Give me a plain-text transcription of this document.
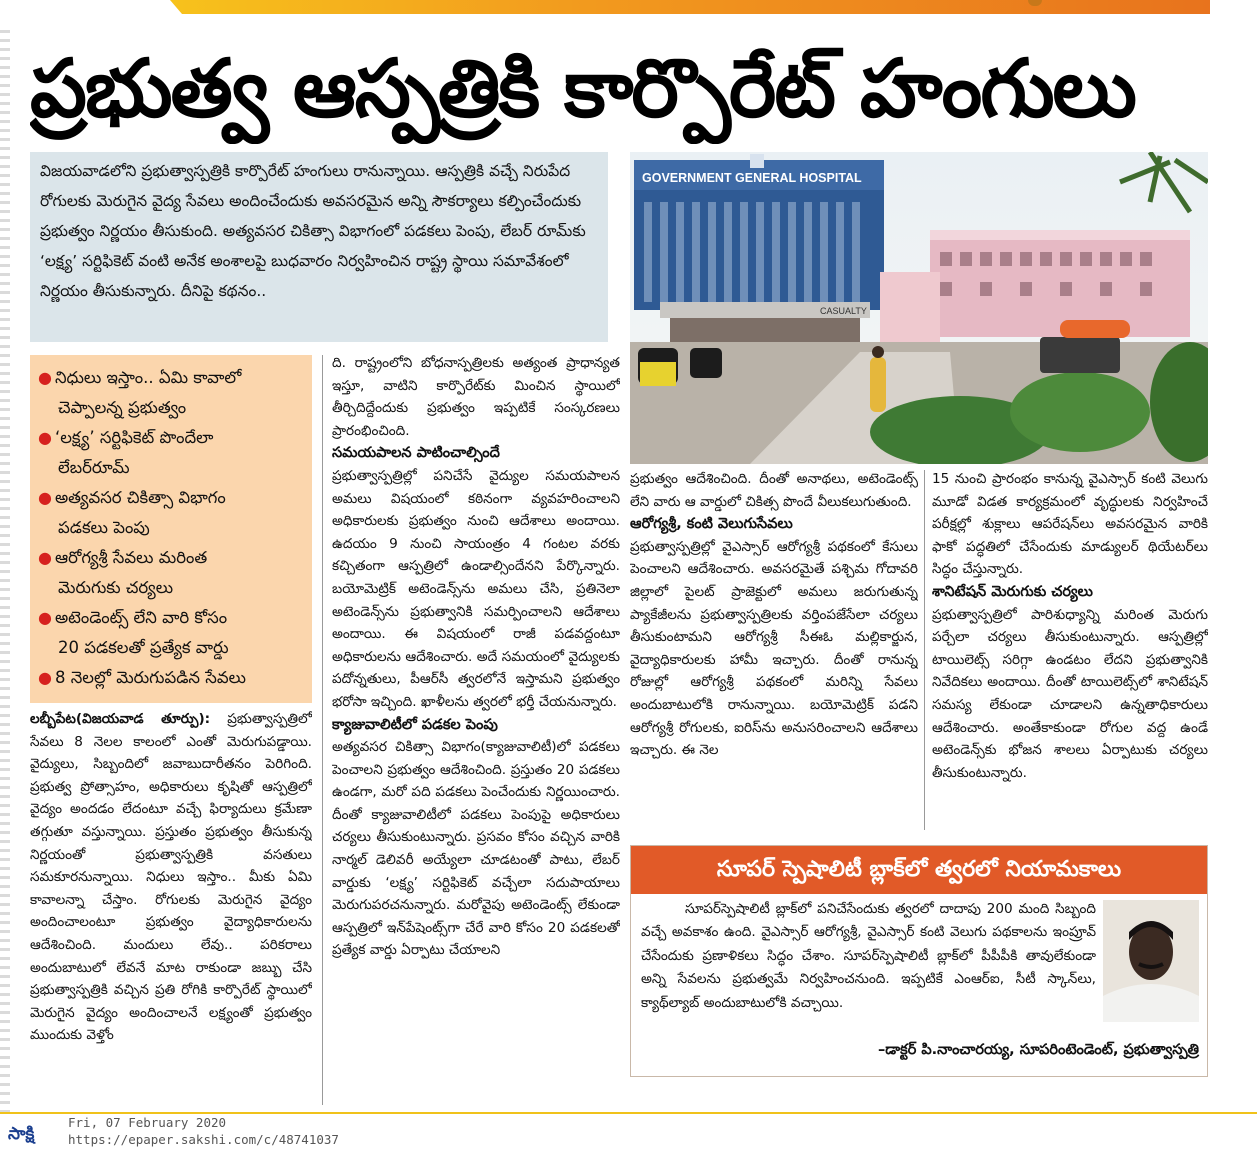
ప్రభుత్వ ఆస్పత్రికి కార్పొరేట్ హంగులు
విజయవాడలోని ప్రభుత్వాస్పత్రికి కార్పొరేట్ హంగులు రానున్నాయి. ఆస్పత్రికి వచ్చే నిరుపేద రోగులకు మెరుగైన వైద్య సేవలు అందించేందుకు అవసరమైన అన్ని సౌకర్యాలు కల్పించేందుకు ప్రభుత్వం నిర్ణయం తీసుకుంది. అత్యవసర చికిత్సా విభాగంలో పడకలు పెంపు, లేబర్ రూమ్‌కు ‘లక్ష్య’ సర్టిఫికెట్ వంటి అనేక అంశాలపై బుధవారం నిర్వహించిన రాష్ట్ర స్థాయి సమావేశంలో నిర్ణయం తీసుకున్నారు. దీనిపై కథనం..
GOVERNMENT GENERAL HOSPITAL
CASUALTY
● నిధులు ఇస్తాం.. ఏమి కావాలో
చెప్పాలన్న ప్రభుత్వం
● ‘లక్ష్య’ సర్టిఫికెట్ పొందేలా
లేబర్‌రూమ్
● అత్యవసర చికిత్సా విభాగం
పడకలు పెంపు
● ఆరోగ్యశ్రీ సేవలు మరింత
మెరుగుకు చర్యలు
● అటెండెంట్స్ లేని వారి కోసం
20 పడకలతో ప్రత్యేక వార్డు
● 8 నెలల్లో మెరుగుపడిన సేవలు

లబ్బీపేట(విజయవాడ తూర్పు): ప్రభుత్వాస్పత్రిలో సేవలు 8 నెలల కాలంలో ఎంతో మెరుగుపడ్డాయి. వైద్యులు, సిబ్బందిలో జవాబుదారీతనం పెరిగింది. ప్రభుత్వ ప్రోత్సాహం, అధికారులు కృషితో ఆస్పత్రిలో వైద్యం అందడం లేదంటూ వచ్చే ఫిర్యాదులు క్రమేణా తగ్గుతూ వస్తున్నాయి. ప్రస్తుతం ప్రభుత్వం తీసుకున్న నిర్ణయంతో ప్రభుత్వాస్పత్రికి వసతులు సమకూరనున్నాయి. నిధులు ఇస్తాం.. మీకు ఏమి కావాలన్నా చేస్తాం. రోగులకు మెరుగైన వైద్యం అందించాలంటూ ప్రభుత్వం వైద్యాధికారులను ఆదేశించింది. మందులు లేవు.. పరికరాలు అందుబాటులో లేవనే మాట రాకుండా జబ్బు చేసి ప్రభుత్వాస్పత్రికి వచ్చిన ప్రతి రోగికి కార్పొరేట్ స్థాయిలో మెరుగైన వైద్యం అందించాలనే లక్ష్యంతో ప్రభుత్వం ముందుకు వెళ్తోం

ది. రాష్ట్రంలోని బోధనాస్పత్రిలకు అత్యంత ప్రాధాన్యత ఇస్తూ, వాటిని కార్పొరేట్‌కు మించిన స్థాయిలో తీర్చిదిద్దేందుకు ప్రభుత్వం ఇప్పటికే సంస్కరణలు ప్రారంభించింది.

సమయపాలన పాటించాల్సిందే

ప్రభుత్వాస్పత్రిల్లో పనిచేసే వైద్యుల సమయపాలన అమలు విషయంలో కఠినంగా వ్యవహరించాలని అధికారులకు ప్రభుత్వం నుంచి ఆదేశాలు అందాయి. ఉదయం 9 నుంచి సాయంత్రం 4 గంటల వరకు కచ్చితంగా ఆస్పత్రిలో ఉండాల్సిందేనని పేర్కొన్నారు. బయోమెట్రిక్ అటెండెన్స్‌ను అమలు చేసి, ప్రతినెలా అటెండెన్స్‌ను ప్రభుత్వానికి సమర్పించాలని ఆదేశాలు అందాయి. ఈ విషయంలో రాజీ పడవద్దంటూ అధికారులను ఆదేశించారు. అదే సమయంలో వైద్యులకు పదోన్నతులు, పీఆర్‌సీ త్వరలోనే ఇస్తామని ప్రభుత్వం భరోసా ఇచ్చింది. ఖాళీలను త్వరలో భర్తీ చేయనున్నారు.

క్యాజువాలిటీలో పడకల పెంపు

అత్యవసర చికిత్సా విభాగం(క్యాజువాలిటీ)లో పడకలు పెంచాలని ప్రభుత్వం ఆదేశించింది. ప్రస్తుతం 20 పడకలు ఉండగా, మరో పది పడకలు పెంచేందుకు నిర్ణయించారు. దీంతో క్యాజువాలిటీలో పడకలు పెంపుపై అధికారులు చర్యలు తీసుకుంటున్నారు. ప్రసవం కోసం వచ్చిన వారికి నార్మల్ డెలివరీ అయ్యేలా చూడటంతో పాటు, లేబర్ వార్డుకు ‘లక్ష్య’ సర్టిఫికెట్ వచ్చేలా సదుపాయాలు మెరుగుపరచనున్నారు. మరోవైపు అటెండెంట్స్ లేకుండా ఆస్పత్రిలో ఇన్‌పేషెంట్స్‌గా చేరే వారి కోసం 20 పడకలతో ప్రత్యేక వార్డు ఏర్పాటు చేయాలని

ప్రభుత్వం ఆదేశించింది. దీంతో అనాథలు, అటెండెంట్స్ లేని వారు ఆ వార్డులో చికిత్స పొందే వీలుకలుగుతుంది.

ఆరోగ్యశ్రీ, కంటి వెలుగుసేవలు

ప్రభుత్వాస్పత్రిల్లో వైఎస్సార్ ఆరోగ్యశ్రీ పథకంలో కేసులు పెంచాలని ఆదేశించారు. అవసరమైతే పశ్చిమ గోదావరి జిల్లాలో పైలట్ ప్రాజెక్టులో అమలు జరుగుతున్న ప్యాకేజీలను ప్రభుత్వాస్పత్రిలకు వర్తింపజేసేలా చర్యలు తీసుకుంటామని ఆరోగ్యశ్రీ సీఈఓ మల్లికార్జున, వైద్యాధికారులకు హామీ ఇచ్చారు. దీంతో రానున్న రోజుల్లో ఆరోగ్యశ్రీ పథకంలో మరిన్ని సేవలు అందుబాటులోకి రానున్నాయి. బయోమెట్రిక్ పడని ఆరోగ్యశ్రీ రోగులకు, ఐరిస్‌ను అనుసరించాలని ఆదేశాలు ఇచ్చారు. ఈ నెల

15 నుంచి ప్రారంభం కానున్న వైఎస్సార్ కంటి వెలుగు మూడో విడత కార్యక్రమంలో వృద్ధులకు నిర్వహించే పరీక్షల్లో శుక్లాలు ఆపరేషన్‌లు అవసరమైన వారికి ఫాకో పద్ధతిలో చేసేందుకు మాడ్యులర్ థియేటర్‌లు సిద్ధం చేస్తున్నారు.

శానిటేషన్ మెరుగుకు చర్యలు

ప్రభుత్వాస్పత్రిలో పారిశుధ్యాన్ని మరింత మెరుగు పర్చేలా చర్యలు తీసుకుంటున్నారు. ఆస్పత్రిల్లో టాయిలెట్స్ సరిగ్గా ఉండటం లేదని ప్రభుత్వానికి నివేదికలు అందాయి. దీంతో టాయిలెట్స్‌లో శానిటేషన్ సమస్య లేకుండా చూడాలని ఉన్నతాధికారులు ఆదేశించారు. అంతేకాకుండా రోగుల వద్ద ఉండే అటెండెన్స్‌కు భోజన శాలలు ఏర్పాటుకు చర్యలు తీసుకుంటున్నారు.

సూపర్ స్పెషాలిటీ బ్లాక్‌లో త్వరలో నియామకాలు
సూపర్‌స్పెషాలిటీ బ్లాక్‌లో పనిచేసేందుకు త్వరలో దాదాపు 200 మంది సిబ్బంది వచ్చే అవకాశం ఉంది. వైఎస్సార్ ఆరోగ్యశ్రీ, వైఎస్సార్ కంటి వెలుగు పథకాలను ఇంప్రూవ్ చేసేందుకు ప్రణాళికలు సిద్ధం చేశాం. సూపర్‌స్పెషాలిటీ బ్లాక్‌లో పీపీపీకి తావులేకుండా అన్ని సేవలను ప్రభుత్వమే నిర్వహించనుంది. ఇప్పటికే ఎంఆర్‌ఐ, సీటీ స్కాన్‌లు, క్యాథ్‌ల్యాబ్ అందుబాటులోకి వచ్చాయి.
–డాక్టర్ పి.నాంచారయ్య, సూపరింటెండెంట్, ప్రభుత్వాస్పత్రి
సాక్షి
Fri, 07 February 2020
https://epaper.sakshi.com/c/48741037
